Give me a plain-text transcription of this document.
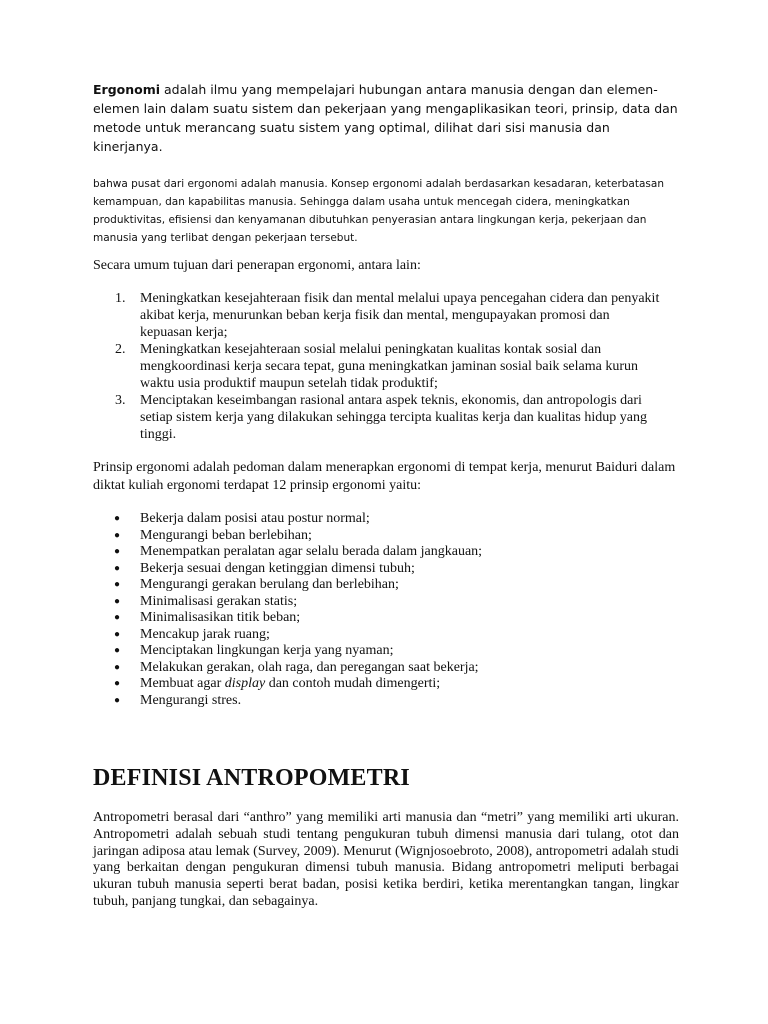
Ergonomi adalah ilmu yang mempelajari hubungan antara manusia dengan dan elemen-elemen lain dalam suatu sistem dan pekerjaan yang mengaplikasikan teori, prinsip, data dan metode untuk merancang suatu sistem yang optimal, dilihat dari sisi manusia dan kinerjanya.

bahwa pusat dari ergonomi adalah manusia. Konsep ergonomi adalah berdasarkan kesadaran, keterbatasan kemampuan, dan kapabilitas manusia. Sehingga dalam usaha untuk mencegah cidera, meningkatkan produktivitas, efisiensi dan kenyamanan dibutuhkan penyerasian antara lingkungan kerja, pekerjaan dan manusia yang terlibat dengan pekerjaan tersebut.

Secara umum tujuan dari penerapan ergonomi, antara lain:

1. Meningkatkan kesejahteraan fisik dan mental melalui upaya pencegahan cidera dan penyakit akibat kerja, menurunkan beban kerja fisik dan mental, mengupayakan promosi dan kepuasan kerja;
2. Meningkatkan kesejahteraan sosial melalui peningkatan kualitas kontak sosial dan mengkoordinasi kerja secara tepat, guna meningkatkan jaminan sosial baik selama kurun waktu usia produktif maupun setelah tidak produktif;
3. Menciptakan keseimbangan rasional antara aspek teknis, ekonomis, dan antropologis dari setiap sistem kerja yang dilakukan sehingga tercipta kualitas kerja dan kualitas hidup yang tinggi.

Prinsip ergonomi adalah pedoman dalam menerapkan ergonomi di tempat kerja, menurut Baiduri dalam diktat kuliah ergonomi terdapat 12 prinsip ergonomi yaitu:

● Bekerja dalam posisi atau postur normal;
● Mengurangi beban berlebihan;
● Menempatkan peralatan agar selalu berada dalam jangkauan;
● Bekerja sesuai dengan ketinggian dimensi tubuh;
● Mengurangi gerakan berulang dan berlebihan;
● Minimalisasi gerakan statis;
● Minimalisasikan titik beban;
● Mencakup jarak ruang;
● Menciptakan lingkungan kerja yang nyaman;
● Melakukan gerakan, olah raga, dan peregangan saat bekerja;
● Membuat agar display dan contoh mudah dimengerti;
● Mengurangi stres.
DEFINISI ANTROPOMETRI

Antropometri berasal dari “anthro” yang memiliki arti manusia dan “metri” yang memiliki arti ukuran. Antropometri adalah sebuah studi tentang pengukuran tubuh dimensi manusia dari tulang, otot dan jaringan adiposa atau lemak (Survey, 2009). Menurut (Wignjosoebroto, 2008), antropometri adalah studi yang berkaitan dengan pengukuran dimensi tubuh manusia. Bidang antropometri meliputi berbagai ukuran tubuh manusia seperti berat badan, posisi ketika berdiri, ketika merentangkan tangan, lingkar tubuh, panjang tungkai, dan sebagainya.
